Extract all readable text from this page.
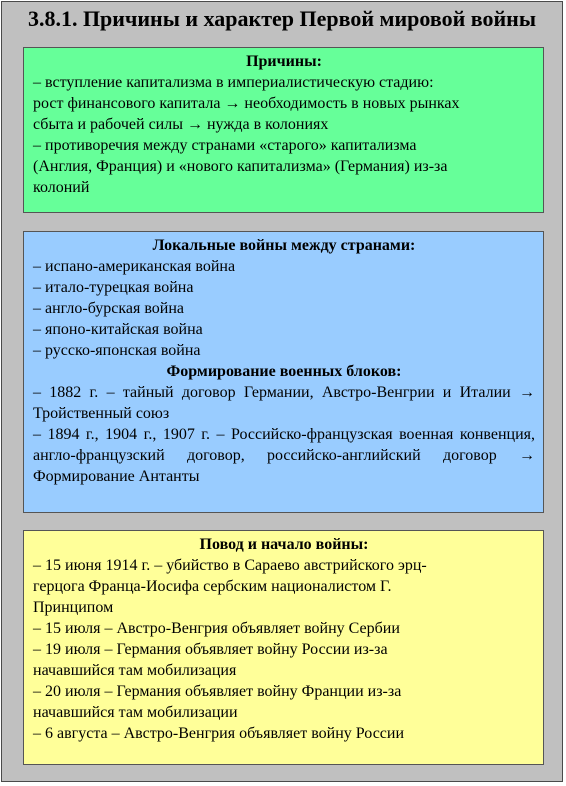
3.8.1. Причины и характер Первой мировой войны
Причины:
– вступление капитализма в империалистическую стадию:
рост финансового капитала → необходимость в новых рынках
сбыта и рабочей силы → нужда в колониях
– противоречия между странами «старого» капитализма
(Англия, Франция) и «нового капитализма» (Германия) из-за
колоний
Локальные войны между странами:
– испано-американская война
– итало-турецкая война
– англо-бурская война
– японо-китайская война
– русско-японская война
Формирование военных блоков:
– 1882 г. – тайный договор Германии, Австро-Венгрии и Италии → Тройственный союз
– 1894 г., 1904 г., 1907 г. – Российско-французская военная конвенция, англо-французский договор, российско-английский договор → Формирование Антанты
Повод и начало войны:
– 15 июня 1914 г. – убийство в Сараево австрийского эрц-
герцога Франца-Иосифа сербским националистом Г.
Принципом
– 15 июля – Австро-Венгрия объявляет войну Сербии
– 19 июля – Германия объявляет войну России из-за
начавшийся там мобилизация
– 20 июля – Германия объявляет войну Франции из-за
начавшийся там мобилизации
– 6 августа – Австро-Венгрия объявляет войну России
